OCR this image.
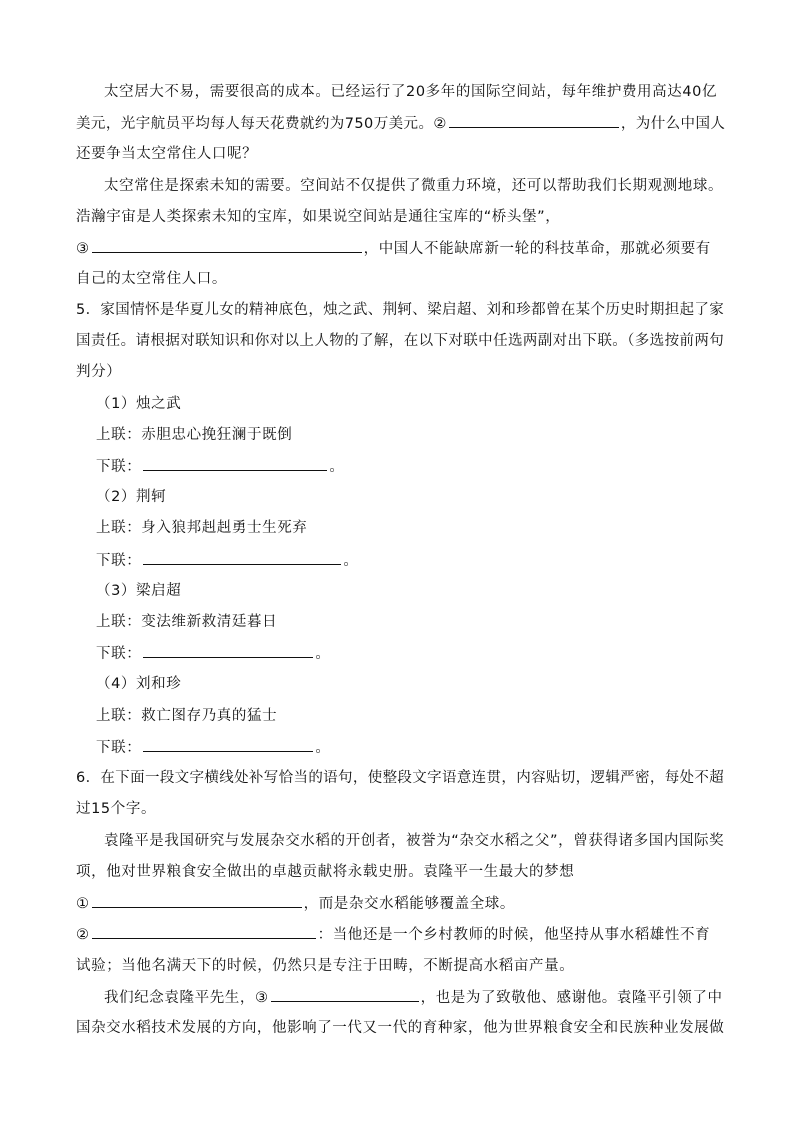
太空居大不易，需要很高的成本。已经运行了20多年的国际空间站，每年维护费用高达40亿
美元，光宇航员平均每人每天花费就约为750万美元。②	，为什么中国人
还要争当太空常住人口呢？
太空常住是探索未知的需要。空间站不仅提供了微重力环境，还可以帮助我们长期观测地球。
浩瀚宇宙是人类探索未知的宝库，如果说空间站是通往宝库的“桥头堡”，
③	，中国人不能缺席新一轮的科技革命，那就必须要有
自己的太空常住人口。
5．家国情怀是华夏儿女的精神底色，烛之武、荆轲、梁启超、刘和珍都曾在某个历史时期担起了家
国责任。请根据对联知识和你对以上人物的了解，在以下对联中任选两副对出下联。（多选按前两句
判分）
（1）烛之武
上联：赤胆忠心挽狂澜于既倒
下联：	。
（2）荆轲
上联：身入狼邦赳赳勇士生死弃
下联：	。
（3）梁启超
上联：变法维新救清廷暮日
下联：	。
（4）刘和珍
上联：救亡图存乃真的猛士
下联：	。
6．在下面一段文字横线处补写恰当的语句，使整段文字语意连贯，内容贴切，逻辑严密，每处不超
过15个字。
袁隆平是我国研究与发展杂交水稻的开创者，被誉为“杂交水稻之父”，曾获得诸多国内国际奖
项，他对世界粮食安全做出的卓越贡献将永载史册。袁隆平一生最大的梦想
①	，而是杂交水稻能够覆盖全球。
②	：当他还是一个乡村教师的时候，他坚持从事水稻雄性不育
试验；当他名满天下的时候，仍然只是专注于田畴，不断提高水稻亩产量。
我们纪念袁隆平先生，③	，也是为了致敬他、感谢他。袁隆平引领了中
国杂交水稻技术发展的方向，他影响了一代又一代的育种家，他为世界粮食安全和民族种业发展做
